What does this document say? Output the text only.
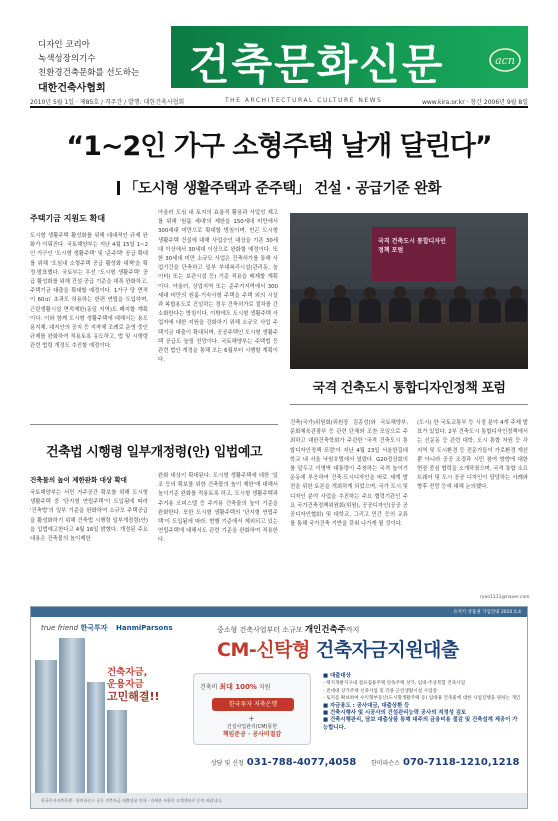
디자인 코리아
녹색성장의기수
친환경건축문화를 선도하는
대한건축사협회	건축문화신문	acn
2010년 5월 1일 · 제85호 / 격주간 / 발행: 대한건축사협회	THE ARCHITECTURAL CULTURE NEWS	www.kira.or.kr · 창간 2006년 9월 8일
“1~2인 가구 소형주택 날개 달린다”
「도시형 생활주택과 준주택」 건설 · 공급기준 완화
주택기금 지원도 확대
도시형 생활주택 활성화를 위해 대대적인 규제 완화가 이뤄진다. 국토해양부는 지난 4월 15일 1~2인 가구인 '도시형 생활주택' 및 '준주택' 공급 확대를 위해 '도심내 소형주택 공급 활성화 대책'을 확정·발표했다. 국토부는 우선 '도시형 생활주택' 공급 활성화를 위해 건설·공급 기준을 대폭 완화하고, 주택기금 대출을 확대할 예정이다. 1가구 당 면적이 60㎡ 초과도 허용하는 한편 연립을 도입하며, 근린생활시설 면적제한(동일 지역)도 폐지할 계획이다. 이와 함께 도시형 생활주택에 대해서는 용도용지제, 대지안의 공지 등 지자체 조례로 운영 중인 규제를 완화하여 적용토록 유도하고, 법 및 시행령 관련 법령 개정도 추진할 예정이다.
아울러 도심 내 토지의 효율적 활용과 사업성 제고를 위해 '원룸 세대'의 제한을 150세대 미만에서 300세대 미만으로 확대할 방침이며, 빈곤 도시형 생활주택 건설에 대해 사업승인 대상을 기존 30세대 이상에서 30세대 이상으로 완화할 예정이다. 또한 30세대 미만 소규모 사업은 건축허가를 통해 사업기간을 단축하고 일부 부대복리시설(관리동, 놀이터) 또는 보관시설 등) 기준 적용을 배제할 계획이다. 아울러, 상업지역 또는 준주거지역에서 300세대 미만의 원룸·기숙사형 주택을 주택 외의 시설과 복합용도로 건설하는 경우 건축허가로 절차를 간소화한다는 방침이다. 이밖에도 도시형 생활주택 사업자에 대한 지원을 강화하기 위해 소규모 사업 주택기금 대출이 확대되며, 공공주택인 도시형 생활주택 공급도 늘릴 전망이다. 국토해양부는 주택법 등 관련 법안 개정을 통해 오는 6월부터 시행할 계획이다.
국격 건축도시 통합디자인정책 포럼
국격 건축도시 통합디자인정책 포럼
건축(국가)위원회(위원장 김종성)와 국토해양부, 문화체육관광부 등 관련 단체와 조찬 모임으로 주최하고 대한건축학회가 주관한 '국격 건축도시 통합디자인정책 포럼'이 지난 4월 23일 서울한길대학교 내 서울 낙원호텔에서 열렸다. G20정상회의를 앞두고 이명박 대통령이 주창하는 국격 높이기 운동에 부응하여 건축·도시디자인을 바로 세계 발전을 위한 토론을 개최하게 되었으며, 국가 도시 및 디자인 분야 사업을 추진하는 주요 협력기관인 주요 국가건축정책위원회(위원), 공공디자인(공공 공공디자인협회) 및 대학교, 그리고 민간 등의 교류를 통해 국가건축 기반을 갖춰 나가게 될 것이다.
(도시) 한 국토교통부 등 시정 분야 4개 주제 발표가 있었다. 2부 건축도시 통합디자인정책에서는 신운동 등 관련 대학, 도시 통합 자원 등 각 지역 및 도시환경 등 전문가들이 가로환경 개선 뿐 아니라 공공 조경과 시민 참여 방향에 대한 현장 중심 협력을 소개하였으며, 국격 통합 소프트웨어 및 도시 공공 디자인이 담당하는 사례와 향후 전망 등에 대해 논의했다.
ryoo1111@naver.com
건축법 시행령 일부개정령(안) 입법예고
건축물의 높이 제한완화 대상 확대
국토해양부는 서민 거주공간 확보를 위해 도시형 생활주택 중 '단지형 연립주택'이 도입됨에 따라 '건축법'의 일부 기준을 완화하여 소규모 주택공급을 활성화하기 위해 건축법 시행령 일부개정령(안)을 입법예고한다고 4월 16일 밝혔다. 개정된 주요내용은 건축물의 높이제한
완화 대상이 확대된다. 도시형 생활주택에 대한 '일조 등의 확보를 위한 건축물의 높이 제한'에 대해서 높이기준 완화를 적용토록 하고, 도시형 생활주택과 주거용 오피스텔 등 주거용 건축물의 높이 기준을 완화한다. 또한 도시형 생활주택의 '단지형 연립주택'이 도입됨에 따라, 현행 기준에서 제외되고 있는 연립주택에 대해서도 관련 기준을 완화하여 적용한다.
유저키 상품권 가입안내 2010.5.4
true friend 한국투자 HanmiParsons
건축자금,
운용자금
고민해결!!
중소형 건축사업부터 소규모 개인건축주까지
CM-신탁형 건축자금지원대출
건축비 최대 100% 지원
한국투자 저축은행
+
건설사업관리(CM)통한
책임준공 · 공사비절감
■ 대출대상
- 택지개발지구내 점포겸용주택 단독주택 상가, 임대·주상복합 건축사업
- 전세대 상가주택 신축사업 및 각종 근린생활시설 사업장
- 토지를 확보하여 수익형부동산(도시형생활주택 등) 임대용 건축물에 대한 사업진행을 원하는 개인
■ 자금용도 : 공사대금, 대출상환 등
■ 건축시행사 및 시공사의 건설관리능력 공사의 적정성 검토
■ 건축시행관리, 담보 대출상품 통해 대주의 금융비용 절감 및 건축설계 제공이 가능합니다.
상담 및 신청 031-788-4077,4058 한미파슨스 070-7118-1210,1218
한국투자저축은행 · 한미파슨스 공동 건축자금 대출상품 안내 · 자세한 사항은 고객센터로 문의 바랍니다.
